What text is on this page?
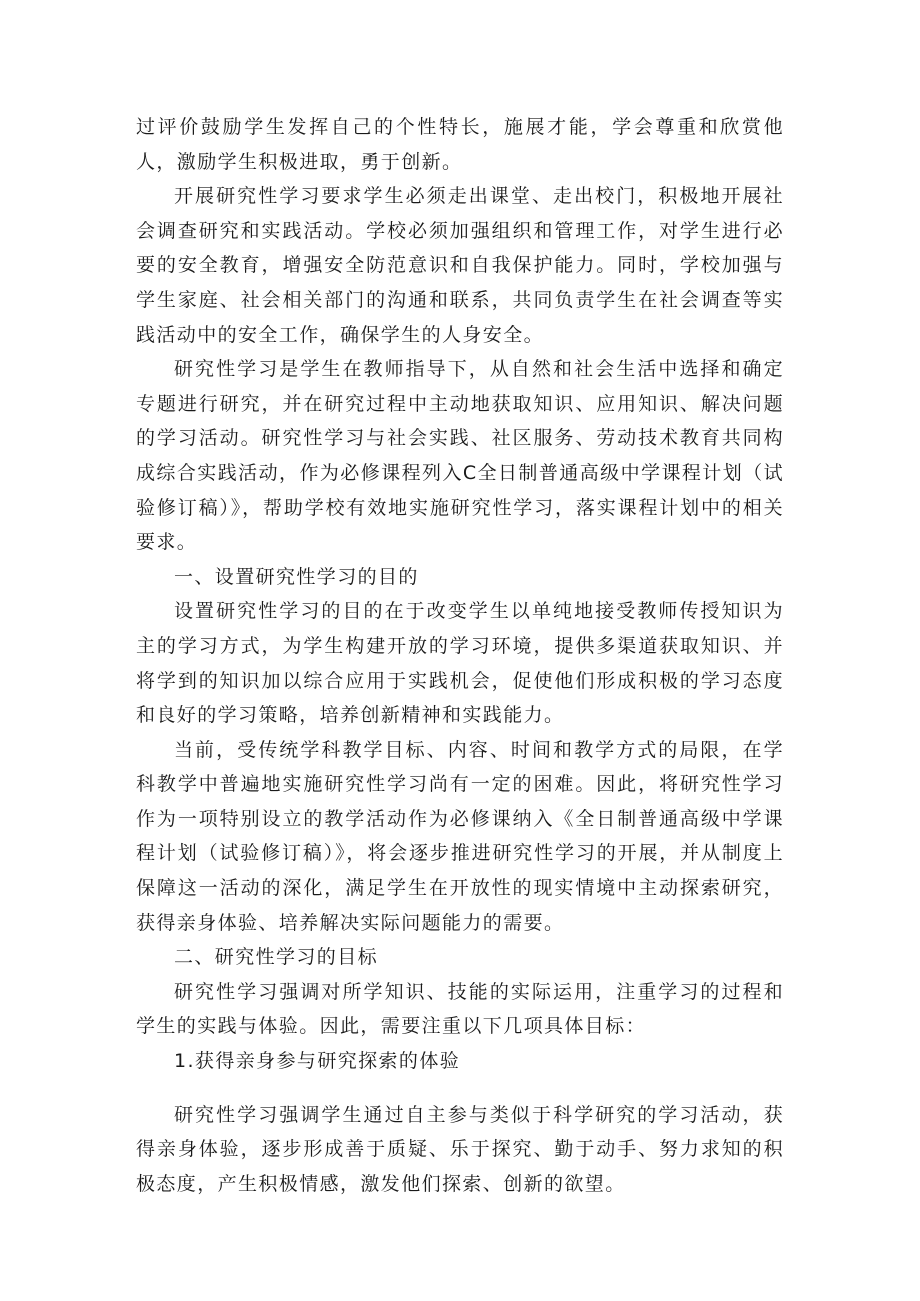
过评价鼓励学生发挥自己的个性特长，施展才能，学会尊重和欣赏他人，激励学生积极进取，勇于创新。

开展研究性学习要求学生必须走出课堂、走出校门，积极地开展社会调查研究和实践活动。学校必须加强组织和管理工作，对学生进行必要的安全教育，增强安全防范意识和自我保护能力。同时，学校加强与学生家庭、社会相关部门的沟通和联系，共同负责学生在社会调查等实践活动中的安全工作，确保学生的人身安全。

研究性学习是学生在教师指导下，从自然和社会生活中选择和确定专题进行研究，并在研究过程中主动地获取知识、应用知识、解决问题的学习活动。研究性学习与社会实践、社区服务、劳动技术教育共同构成综合实践活动，作为必修课程列入C全日制普通高级中学课程计划（试验修订稿）》，帮助学校有效地实施研究性学习，落实课程计划中的相关要求。

一、设置研究性学习的目的

设置研究性学习的目的在于改变学生以单纯地接受教师传授知识为主的学习方式，为学生构建开放的学习环境，提供多渠道获取知识、并将学到的知识加以综合应用于实践机会，促使他们形成积极的学习态度和良好的学习策略，培养创新精神和实践能力。

当前，受传统学科教学目标、内容、时间和教学方式的局限，在学科教学中普遍地实施研究性学习尚有一定的困难。因此，将研究性学习作为一项特别设立的教学活动作为必修课纳入《全日制普通高级中学课程计划（试验修订稿）》，将会逐步推进研究性学习的开展，并从制度上保障这一活动的深化，满足学生在开放性的现实情境中主动探索研究，获得亲身体验、培养解决实际问题能力的需要。

二、研究性学习的目标

研究性学习强调对所学知识、技能的实际运用，注重学习的过程和学生的实践与体验。因此，需要注重以下几项具体目标：

1.获得亲身参与研究探索的体验

研究性学习强调学生通过自主参与类似于科学研究的学习活动，获得亲身体验，逐步形成善于质疑、乐于探究、勤于动手、努力求知的积极态度，产生积极情感，激发他们探索、创新的欲望。
